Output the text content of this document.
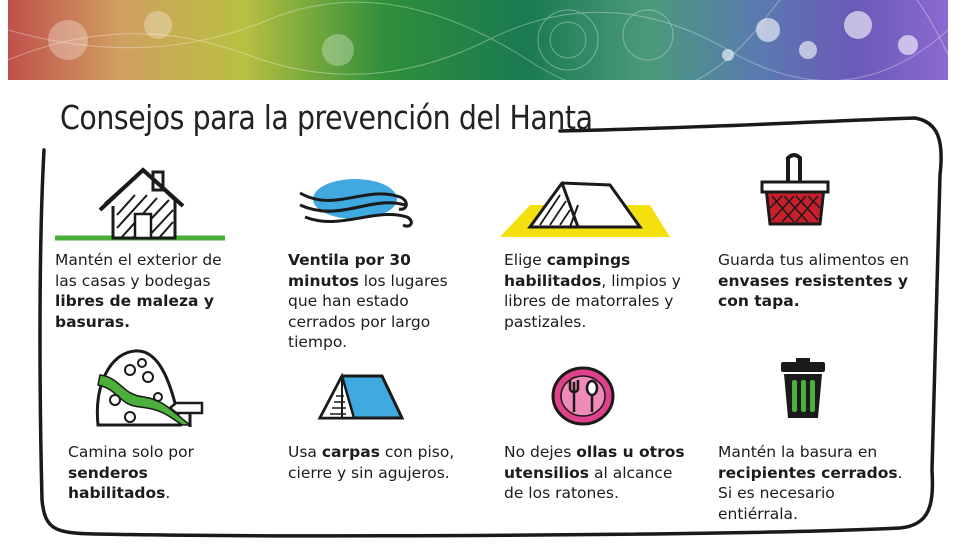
Consejos para la prevención del Hanta
Mantén el exterior de las casas y bodegas libres de maleza y basuras.
Ventila por 30 minutos los lugares que han estado cerrados por largo tiempo.
Elige campings habilitados, limpios y libres de matorrales y pastizales.
Guarda tus alimentos en envases resistentes y con tapa.
Camina solo por senderos habilitados.
Usa carpas con piso, cierre y sin agujeros.
No dejes ollas u otros utensilios al alcance de los ratones.
Mantén la basura en recipientes cerrados. Si es necesario entiérrala.
